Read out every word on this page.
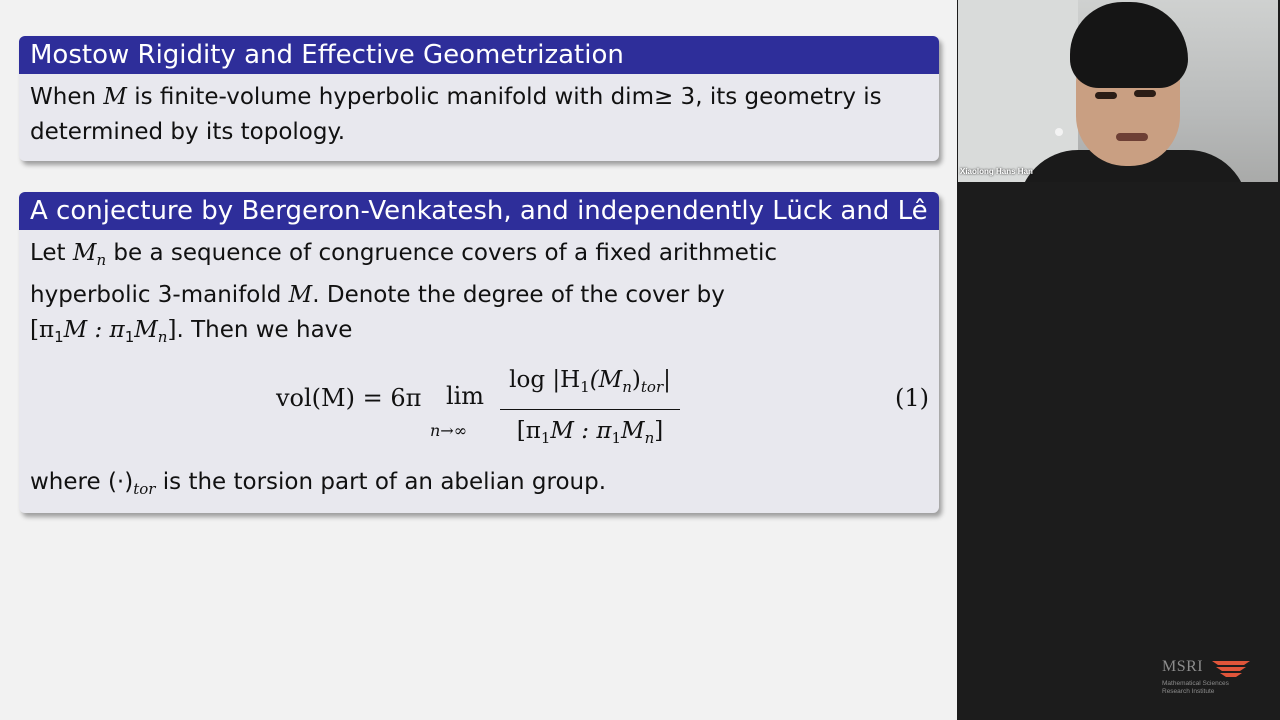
Mostow Rigidity and Effective Geometrization
When M is finite-volume hyperbolic manifold with dim≥ 3, its geometry is
determined by its topology.
A conjecture by Bergeron-Venkatesh, and independently Lück and Lê
Let $M_n$ be a sequence of congruence covers of a fixed arithmetic
hyperbolic 3-manifold M. Denote the degree of the cover by
[$\pi_1M$ : $\pi_1M_n$]. Then we have
vol(M) = 6π	lim
n→∞
$\log |H_1(M_n)_{tor}|$
[$\pi_1M$ : $\pi_1M_n$]
(1)
where $(\cdot)_{tor}$ is the torsion part of an abelian group.
Xiaolong Hans Han
MSRI
Mathematical Sciences
Research Institute
